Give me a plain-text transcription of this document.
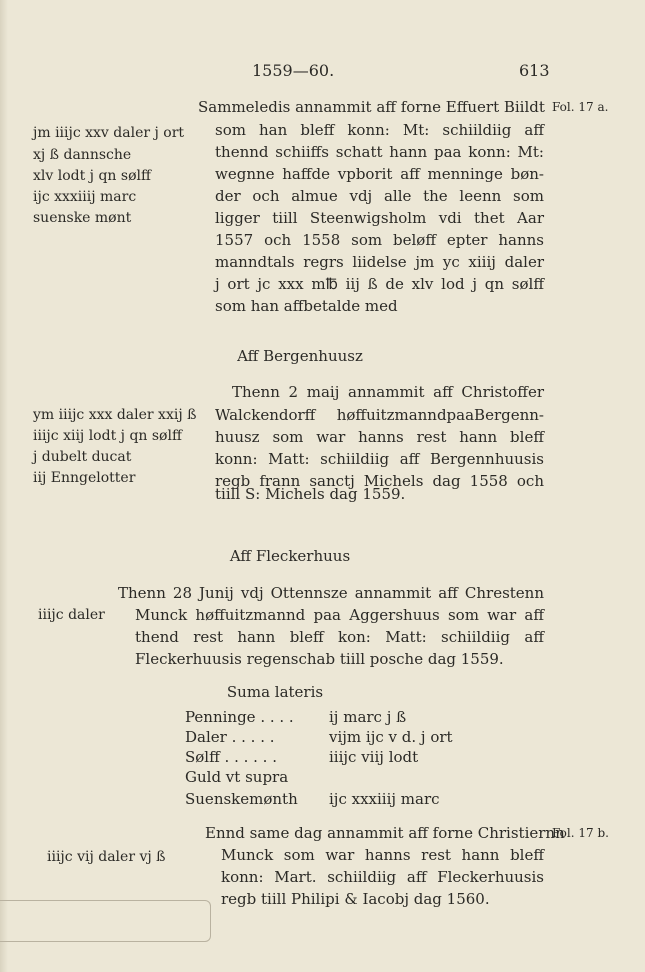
1559—60.	613
Fol. 17 a.
Sammeledis annammit aff forne Effuert Biildt
som han bleff konn: Mt: schiildiig aff
thennd schiiffs schatt hann paa konn: Mt:
wegnne haffde vpborit aff menninge bøn-
der och almue vdj alle the leenn som
ligger tiill Steenwigsholm vdi thet Aar
1557 och 1558 som beløff epter hanns
manndtals regrs liidelse jm yc xiiij daler
j ort jc xxx m℔ iij ß de xlv lod j qn sølff
som han affbetalde med
jm iiijc xxv daler j ort
xj ß dannsche
xlv lodt j qn sølff
ijc xxxiiij marc
suenske mønt
Aff Bergenhuusz
Thenn 2 maij annammit aff Christoffer
Walckendorff høffuitzmanndpaaBergenn-
huusz som war hanns rest hann bleff
konn: Matt: schiildiig aff Bergennhuusis
regb frann sanctj Michels dag 1558 och
tiill S: Michels dag 1559.
ym iiijc xxx daler xxij ß
iiijc xiij lodt j qn sølff
j dubelt ducat
iij Enngelotter
Aff Fleckerhuus
Thenn 28 Junij vdj Ottennsze annammit aff Chrestenn
Munck høffuitzmannd paa Aggershuus som war aff
thend rest hann bleff kon: Matt: schiildiig aff
Fleckerhuusis regenschab tiill posche dag 1559.
iiijc daler
Suma lateris
Penninge . . . . ij marc j ß
Daler . . . . .	vijm ijc v d. j ort
Sølff . . . . . .	iiijc viij lodt
Guld vt supra
Suenskemønth ijc xxxiiij marc
Fol. 17 b.
Ennd same dag annammit aff forne Christiernn
Munck som war hanns rest hann bleff
konn: Mart. schiildiig aff Fleckerhuusis
regb tiill Philipi & Iacobj dag 1560.
iiijc vij daler vj ß
